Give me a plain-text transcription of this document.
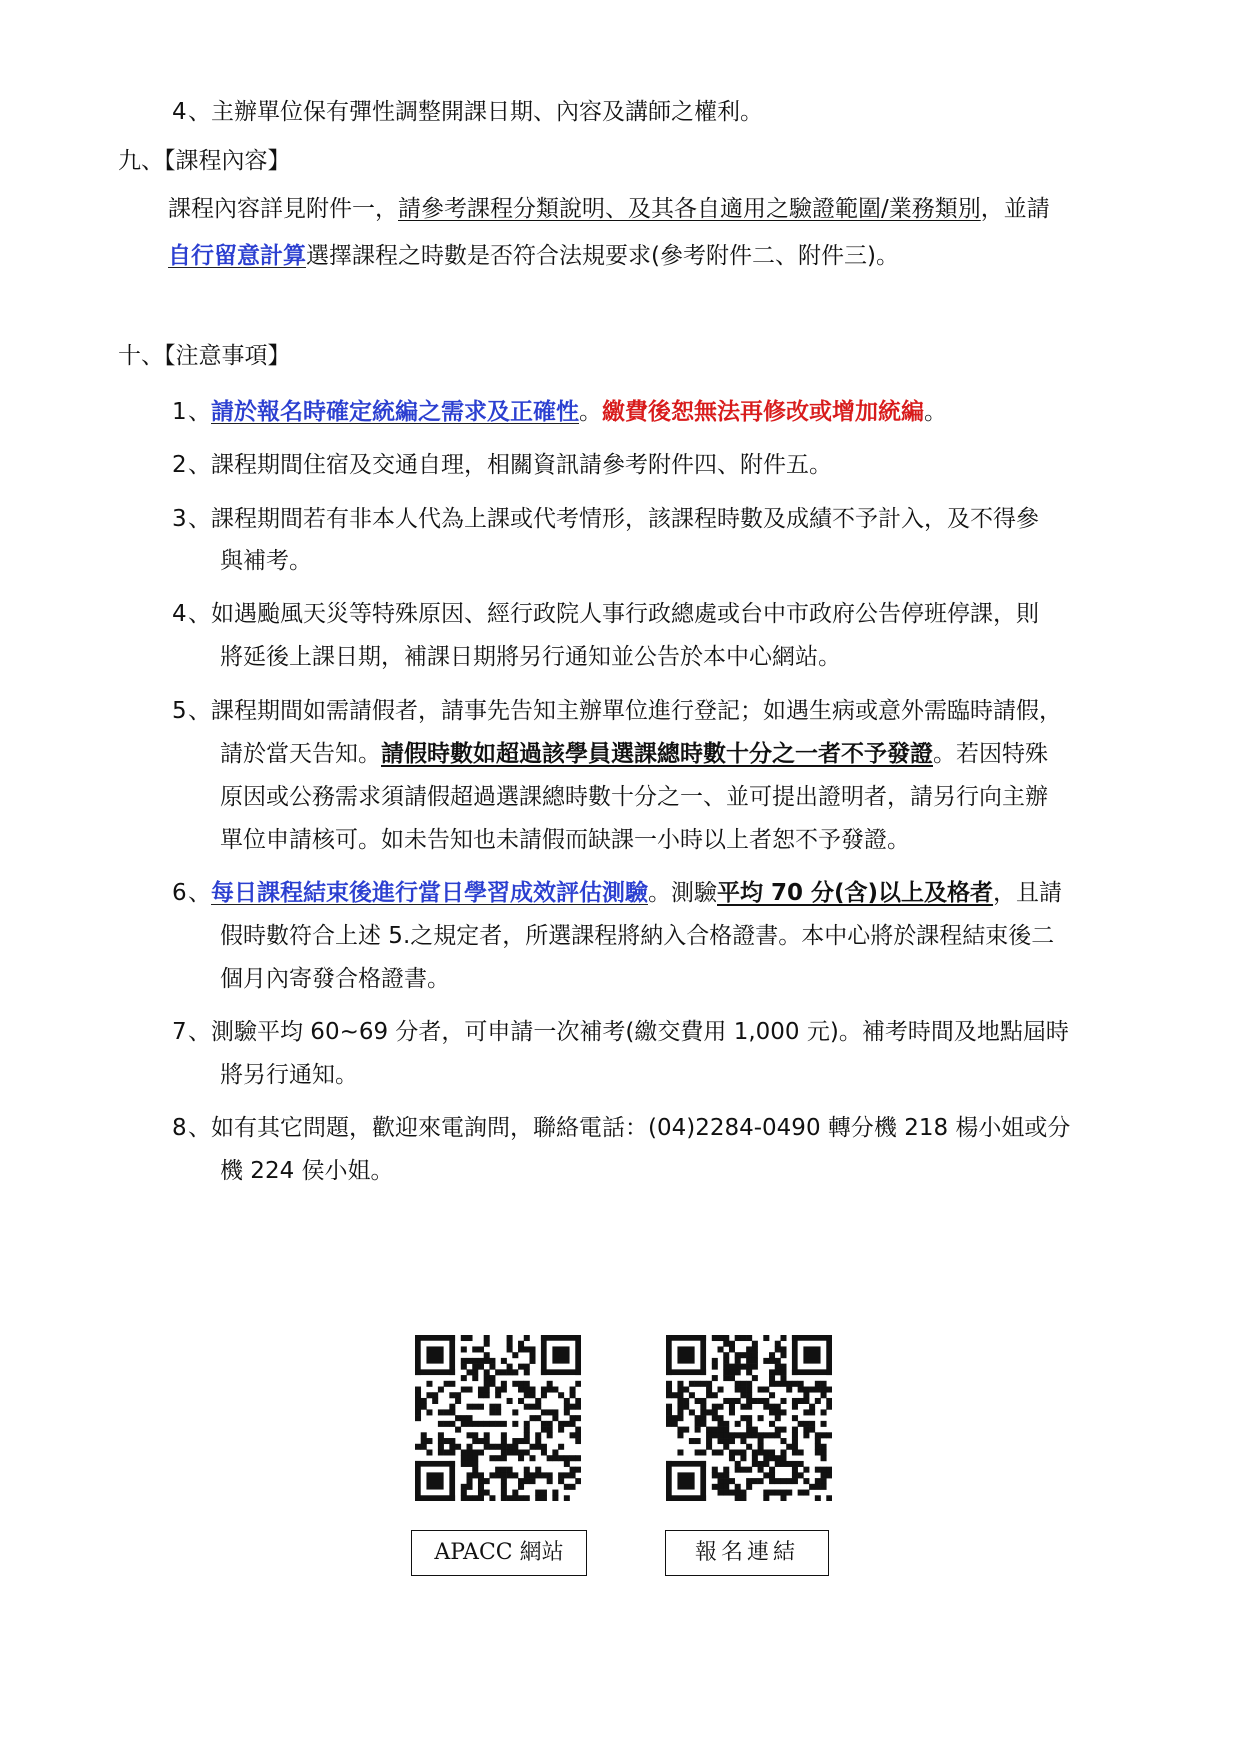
4 、主辦單位保有彈性調整開課日期、內容及講師之權利。
九、【課程內容】
課程內容詳見附件一，請參考課程分類說明、及其各自適用之驗證範圍/業務類別，並請
自行留意計算選擇課程之時數是否符合法規要求(參考附件二、附件三)。
十、【注意事項】
1 、請於報名時確定統編之需求及正確性。繳費後恕無法再修改或增加統編。
2 、課程期間住宿及交通自理，相關資訊請參考附件四、附件五。
3 、課程期間若有非本人代為上課或代考情形，該課程時數及成績不予計入，及不得參
與補考。
4 、如遇颱風天災等特殊原因、經行政院人事行政總處或台中市政府公告停班停課，則
將延後上課日期，補課日期將另行通知並公告於本中心網站。
5 、課程期間如需請假者，請事先告知主辦單位進行登記；如遇生病或意外需臨時請假，
請於當天告知。請假時數如超過該學員選課總時數十分之一者不予發證。若因特殊
原因或公務需求須請假超過選課總時數十分之一、並可提出證明者，請另行向主辦
單位申請核可。如未告知也未請假而缺課一小時以上者恕不予發證。
6 、每日課程結束後進行當日學習成效評估測驗。測驗平均 70 分(含)以上及格者，且請
假時數符合上述 5.之規定者，所選課程將納入合格證書。本中心將於課程結束後二
個月內寄發合格證書。
7 、測驗平均 60~69 分者，可申請一次補考(繳交費用 1,000 元)。補考時間及地點屆時
將另行通知。
8 、如有其它問題，歡迎來電詢問，聯絡電話：(04)2284-0490 轉分機 218 楊小姐或分
機 224 侯小姐。
APACC 網站	報名連結
